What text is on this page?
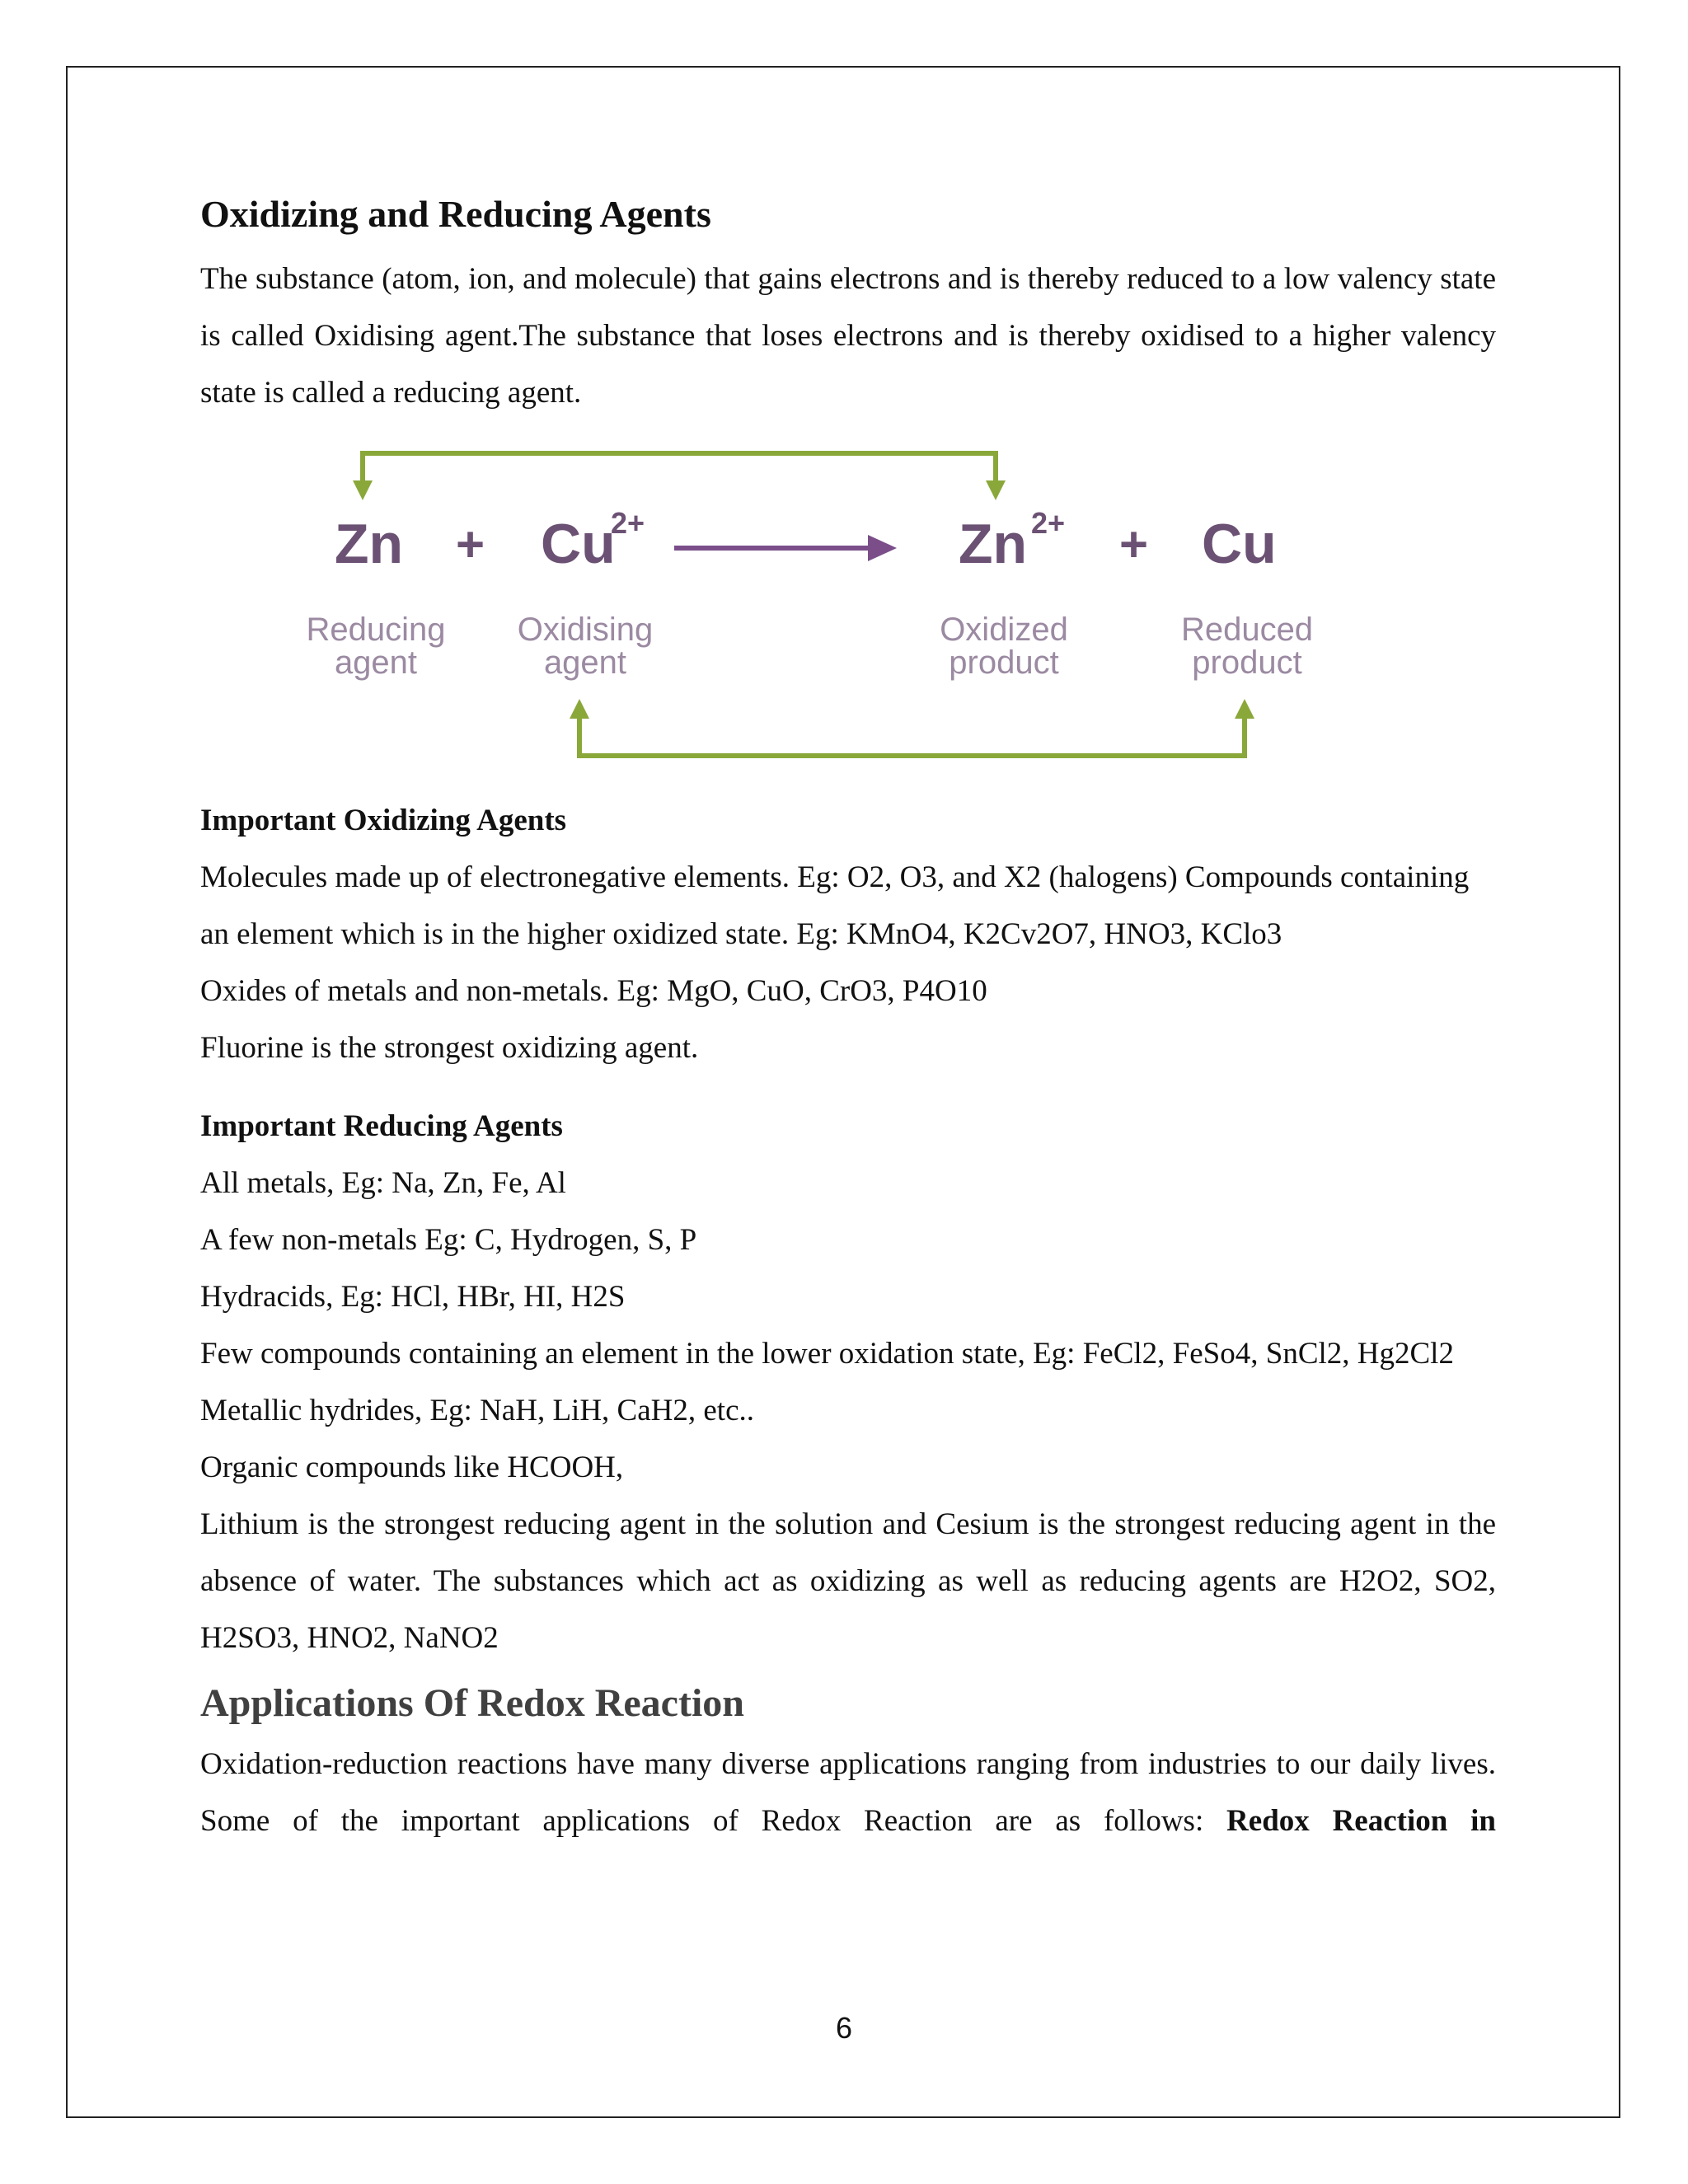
Oxidizing and Reducing Agents

The substance (atom, ion, and molecule) that gains electrons and is thereby reduced to a low valency state is called Oxidising agent.The substance that loses electrons and is thereby oxidised to a higher valency state is called a reducing agent.

Zn + Cu
2+	Zn 2+ + Cu
Reducing
agent
Oxidising
agent
Oxidized
product
Reduced
product

Important Oxidizing Agents

Molecules made up of electronegative elements. Eg: O2, O3, and X2 (halogens) Compounds containing an element which is in the higher oxidized state. Eg: KMnO4, K2Cv2O7, HNO3, KClo3

Oxides of metals and non-metals. Eg: MgO, CuO, CrO3, P4O10

Fluorine is the strongest oxidizing agent.

Important Reducing Agents

All metals, Eg: Na, Zn, Fe, Al

A few non-metals Eg: C, Hydrogen, S, P

Hydracids, Eg: HCl, HBr, HI, H2S

Few compounds containing an element in the lower oxidation state, Eg: FeCl2, FeSo4, SnCl2, Hg2Cl2

Metallic hydrides, Eg: NaH, LiH, CaH2, etc..

Organic compounds like HCOOH,

Lithium is the strongest reducing agent in the solution and Cesium is the strongest reducing agent in the absence of water. The substances which act as oxidizing as well as reducing agents are H2O2, SO2, H2SO3, HNO2, NaNO2

Applications Of Redox Reaction

Oxidation-reduction reactions have many diverse applications ranging from industries to our daily lives. Some of the important applications of Redox Reaction are as follows: Redox Reaction in

6
